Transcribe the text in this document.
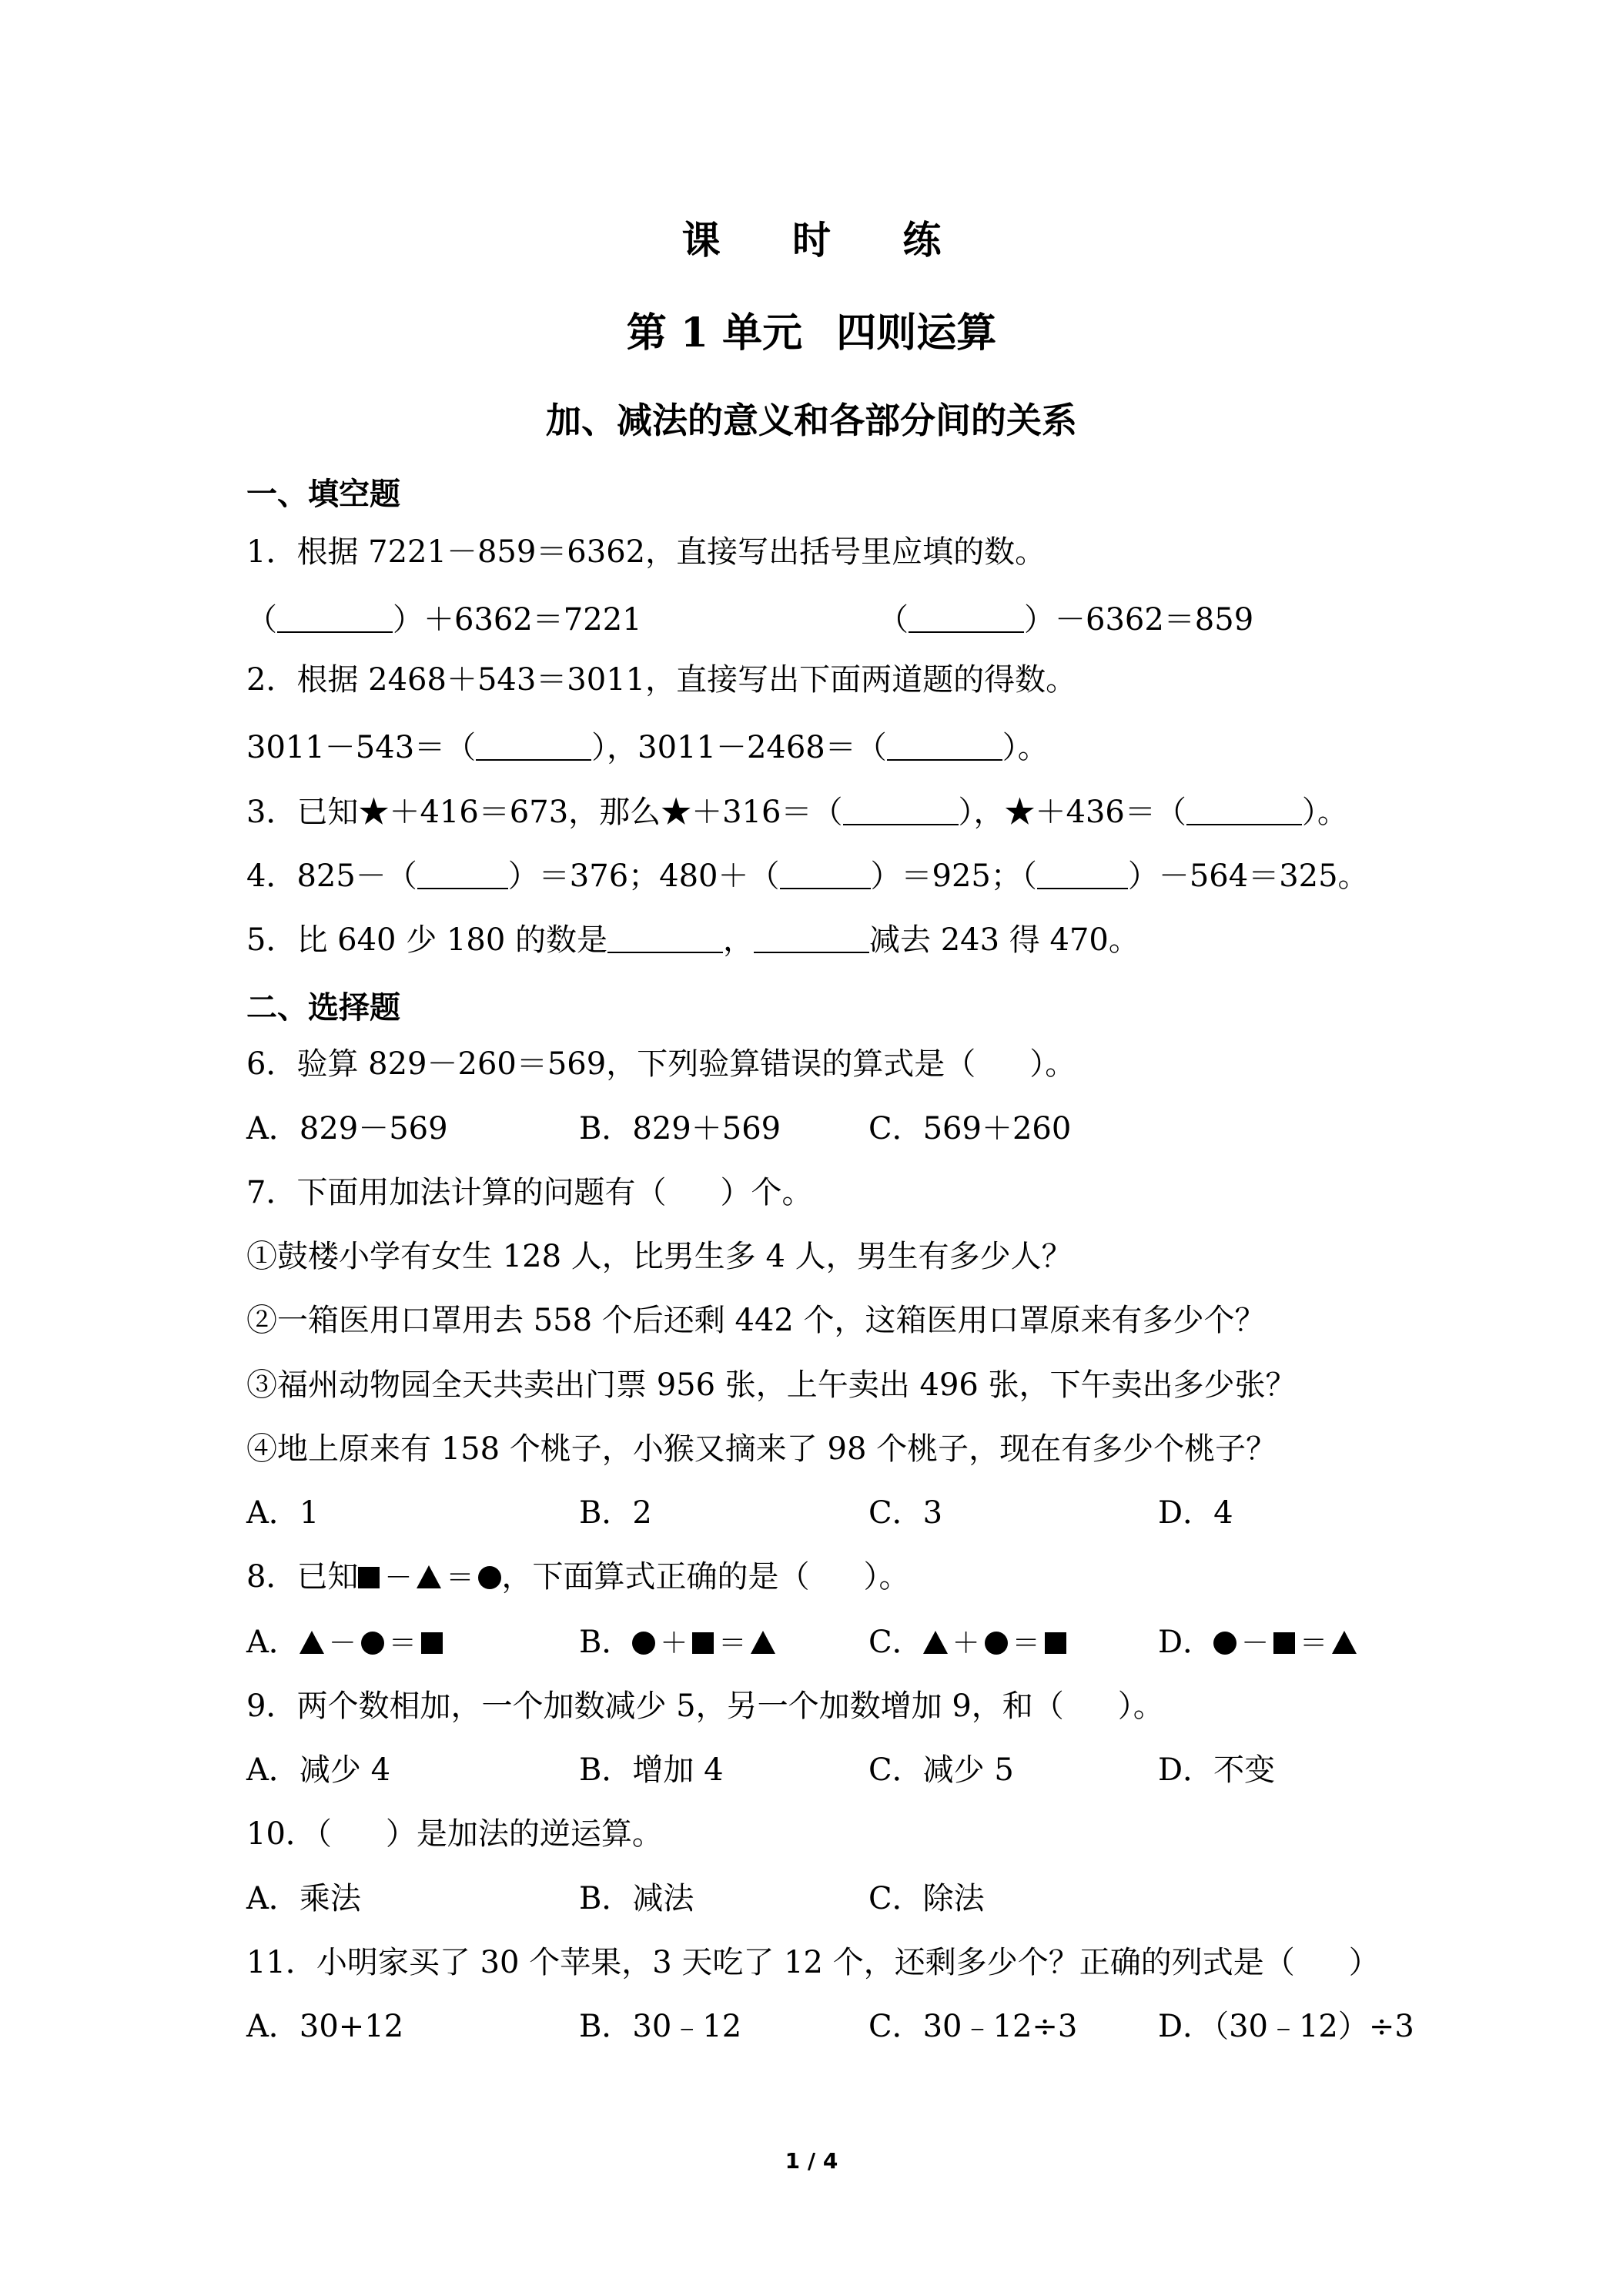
课 时 练
第 1 单元 四则运算
加、减法的意义和各部分间的关系
一、填空题
1．根据 7221－859＝6362，直接写出括号里应填的数。
（	）＋6362＝7221	（	）－6362＝859
2．根据 2468＋543＝3011，直接写出下面两道题的得数。
3011－543＝（	），3011－2468＝（	）。
3．已知★＋416＝673，那么★＋316＝（	），★＋436＝（	）。
4．825－（	）＝376；480＋（	）＝925；（	）－564＝325。
5．比 640 少 180 的数是	，	减去 243 得 470。
二、选择题
6．验算 829－260＝569，下列验算错误的算式是（ ）。
A．829－569	B．829＋569	C．569＋260
7．下面用加法计算的问题有（ ）个。
①鼓楼小学有女生 128 人，比男生多 4 人，男生有多少人？
②一箱医用口罩用去 558 个后还剩 442 个，这箱医用口罩原来有多少个？
③福州动物园全天共卖出门票 956 张，上午卖出 496 张，下午卖出多少张？
④地上原来有 158 个桃子，小猴又摘来了 98 个桃子，现在有多少个桃子？
A．1	B．2	C．3	D．4
8．已知 － ＝ ，下面算式正确的是（ ）。
A． － ＝	B． ＋ ＝	C． ＋ ＝	D． － ＝
9．两个数相加，一个加数减少 5，另一个加数增加 9，和（ ）。
A．减少 4	B．增加 4	C．减少 5	D．不变
10．（ ）是加法的逆运算。
A．乘法	B．减法	C．除法
11．小明家买了 30 个苹果，3 天吃了 12 个，还剩多少个？正确的列式是（ ）
A．30+12	B．30﹣12	C．30﹣12÷3	D．（30﹣12）÷3
1 / 4
